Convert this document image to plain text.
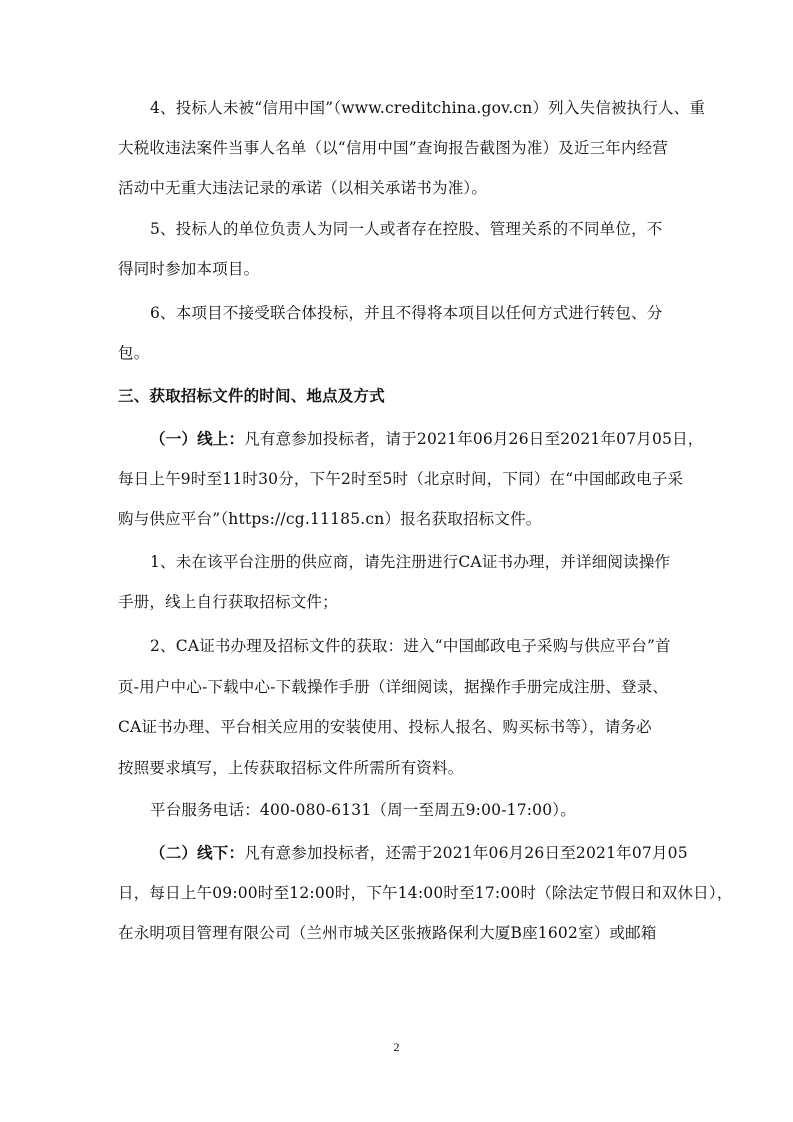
4、投标人未被“信用中国”（www.creditchina.gov.cn）列入失信被执行人、重
大税收违法案件当事人名单（以“信用中国”查询报告截图为准）及近三年内经营
活动中无重大违法记录的承诺（以相关承诺书为准）。
5、投标人的单位负责人为同一人或者存在控股、管理关系的不同单位，不
得同时参加本项目。
6、本项目不接受联合体投标，并且不得将本项目以任何方式进行转包、分
包。
三、获取招标文件的时间、地点及方式
（一）线上：凡有意参加投标者，请于2021年06月26日至2021年07月05日，
每日上午9时至11时30分，下午2时至5时（北京时间，下同）在“中国邮政电子采
购与供应平台”（https://cg.11185.cn）报名获取招标文件。
1、未在该平台注册的供应商，请先注册进行CA证书办理，并详细阅读操作
手册，线上自行获取招标文件；
2、CA证书办理及招标文件的获取：进入“中国邮政电子采购与供应平台”首
页-用户中心-下载中心-下载操作手册（详细阅读，据操作手册完成注册、登录、
CA证书办理、平台相关应用的安装使用、投标人报名、购买标书等），请务必
按照要求填写，上传获取招标文件所需所有资料。
平台服务电话：400-080-6131（周一至周五9:00-17:00）。
（二）线下：凡有意参加投标者，还需于2021年06月26日至2021年07月05
日，每日上午09:00时至12:00时，下午14:00时至17:00时（除法定节假日和双休日），
在永明项目管理有限公司（兰州市城关区张掖路保利大厦B座1602室）或邮箱
2
